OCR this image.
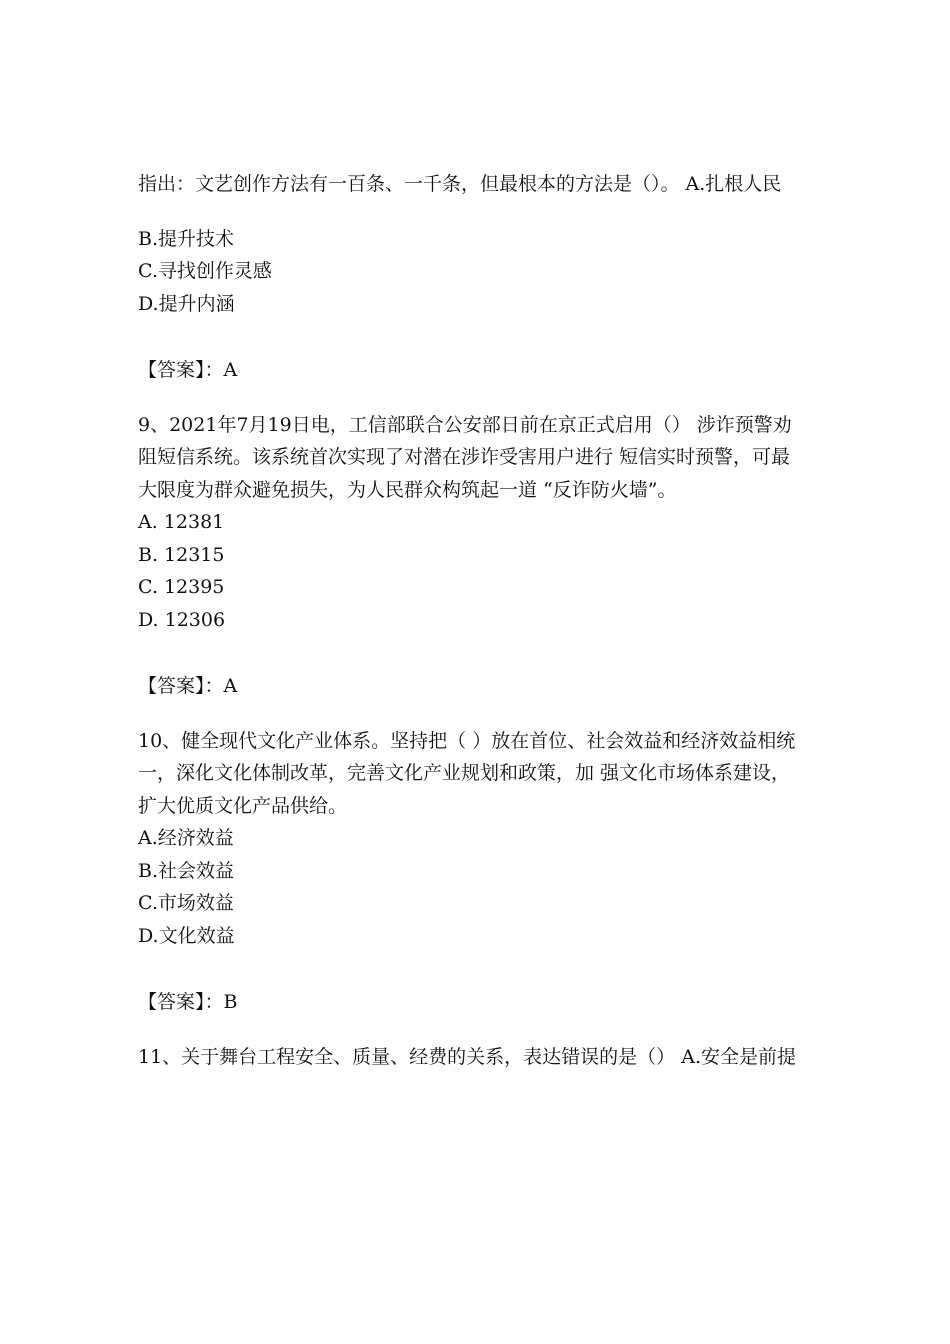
指出：文艺创作方法有一百条、一千条，但最根本的方法是（）。 A.扎根人民

B.提升技术

C.寻找创作灵感

D.提升内涵

【答案】：A

9、2021年7月19日电，工信部联合公安部日前在京正式启用（） 涉诈预警劝阻短信系统。该系统首次实现了对潜在涉诈受害用户进行 短信实时预警，可最大限度为群众避免损失，为人民群众构筑起一道 “反诈防火墙”。

A. 12381

B. 12315

C. 12395

D. 12306

【答案】：A

10、健全现代文化产业体系。坚持把（ ）放在首位、社会效益和经济效益相统一，深化文化体制改革，完善文化产业规划和政策，加 强文化市场体系建设，扩大优质文化产品供给。

A.经济效益

B.社会效益

C.市场效益

D.文化效益

【答案】：B

11、关于舞台工程安全、质量、经费的关系，表达错误的是（） A.安全是前提
